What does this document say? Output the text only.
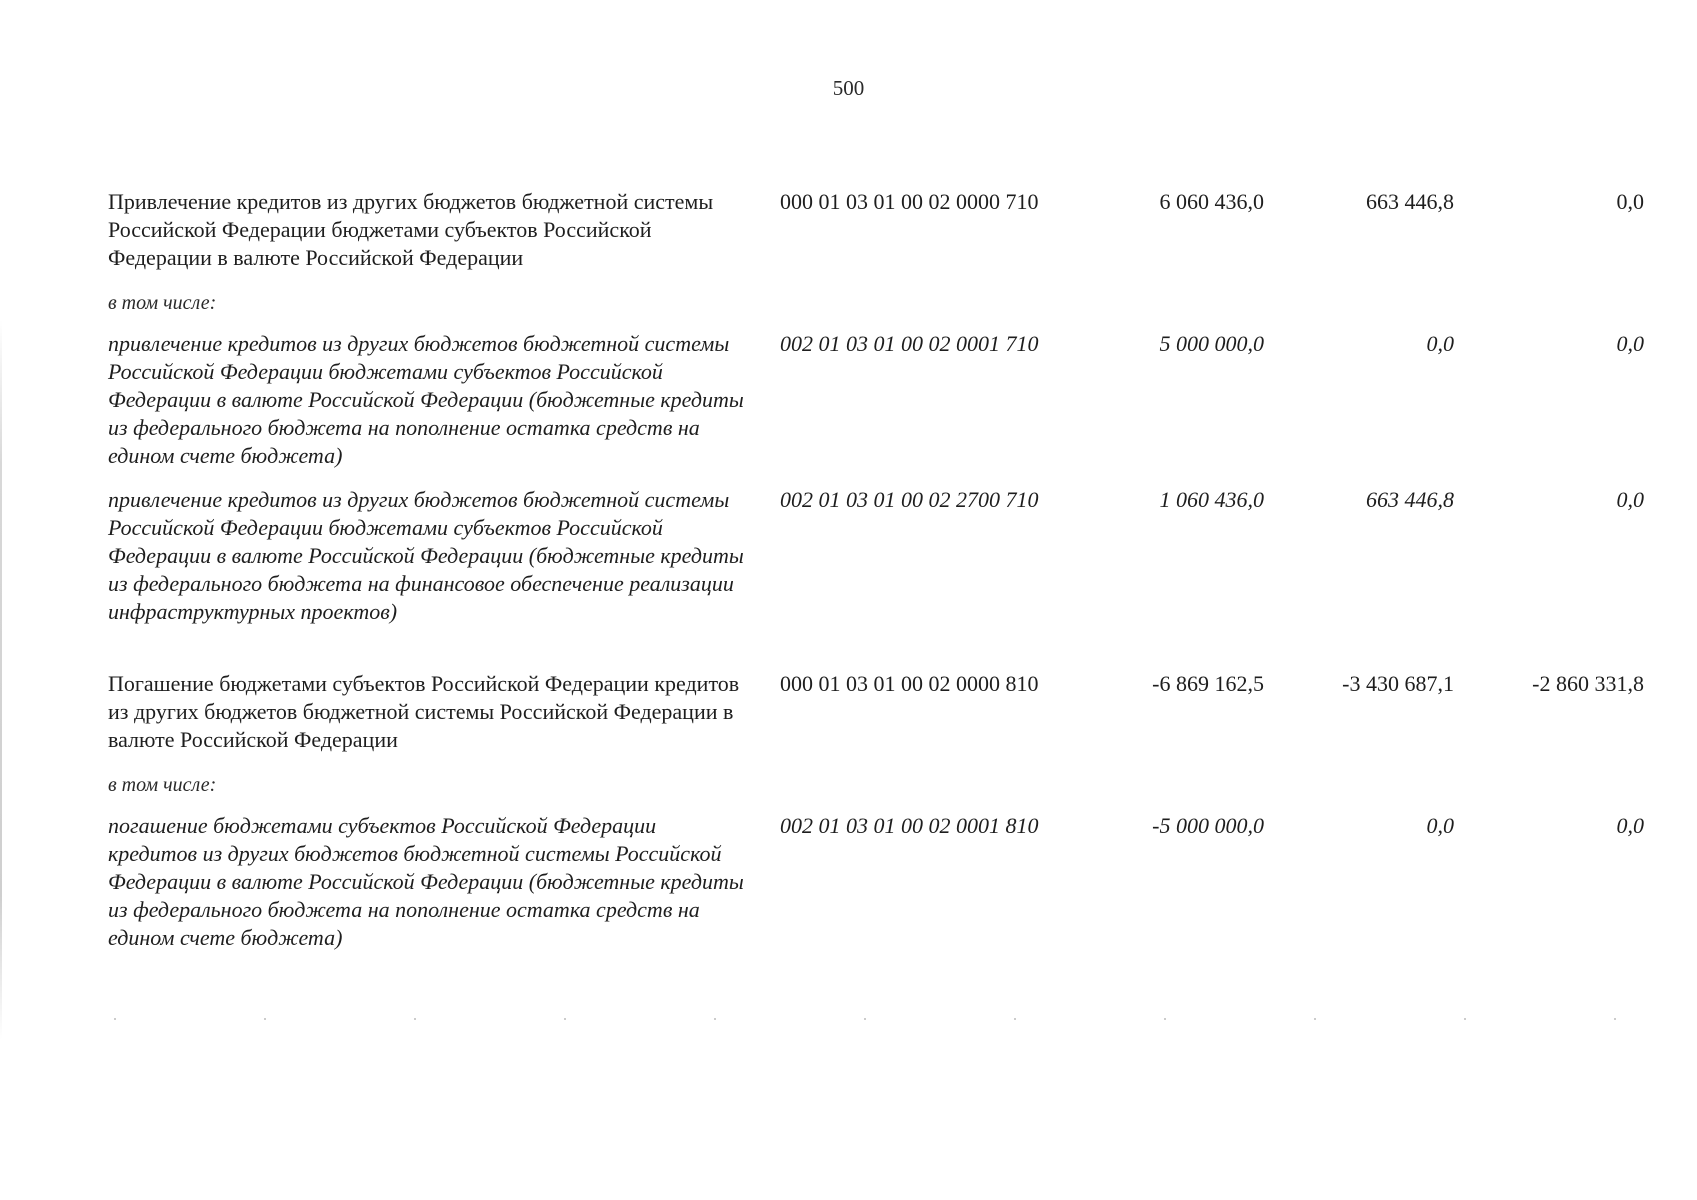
500
Привлечение кредитов из других бюджетов бюджетной системы Российской Федерации бюджетами субъектов Российской Федерации в валюте Российской Федерации
000 01 03 01 00 02 0000 710	6 060 436,0	663 446,8	0,0
в том числе:
привлечение кредитов из других бюджетов бюджетной системы Российской Федерации бюджетами субъектов Российской Федерации в валюте Российской Федерации (бюджетные кредиты из федерального бюджета на пополнение остатка средств на едином счете бюджета)
002 01 03 01 00 02 0001 710	5 000 000,0	0,0	0,0
привлечение кредитов из других бюджетов бюджетной системы Российской Федерации бюджетами субъектов Российской Федерации в валюте Российской Федерации (бюджетные кредиты из федерального бюджета на финансовое обеспечение реализации инфраструктурных проектов)
002 01 03 01 00 02 2700 710	1 060 436,0	663 446,8	0,0
Погашение бюджетами субъектов Российской Федерации кредитов из других бюджетов бюджетной системы Российской Федерации в валюте Российской Федерации
000 01 03 01 00 02 0000 810	-6 869 162,5	-3 430 687,1	-2 860 331,8
в том числе:
погашение бюджетами субъектов Российской Федерации кредитов из других бюджетов бюджетной системы Российской Федерации в валюте Российской Федерации (бюджетные кредиты из федерального бюджета на пополнение остатка средств на едином счете бюджета)
002 01 03 01 00 02 0001 810	-5 000 000,0	0,0	0,0
